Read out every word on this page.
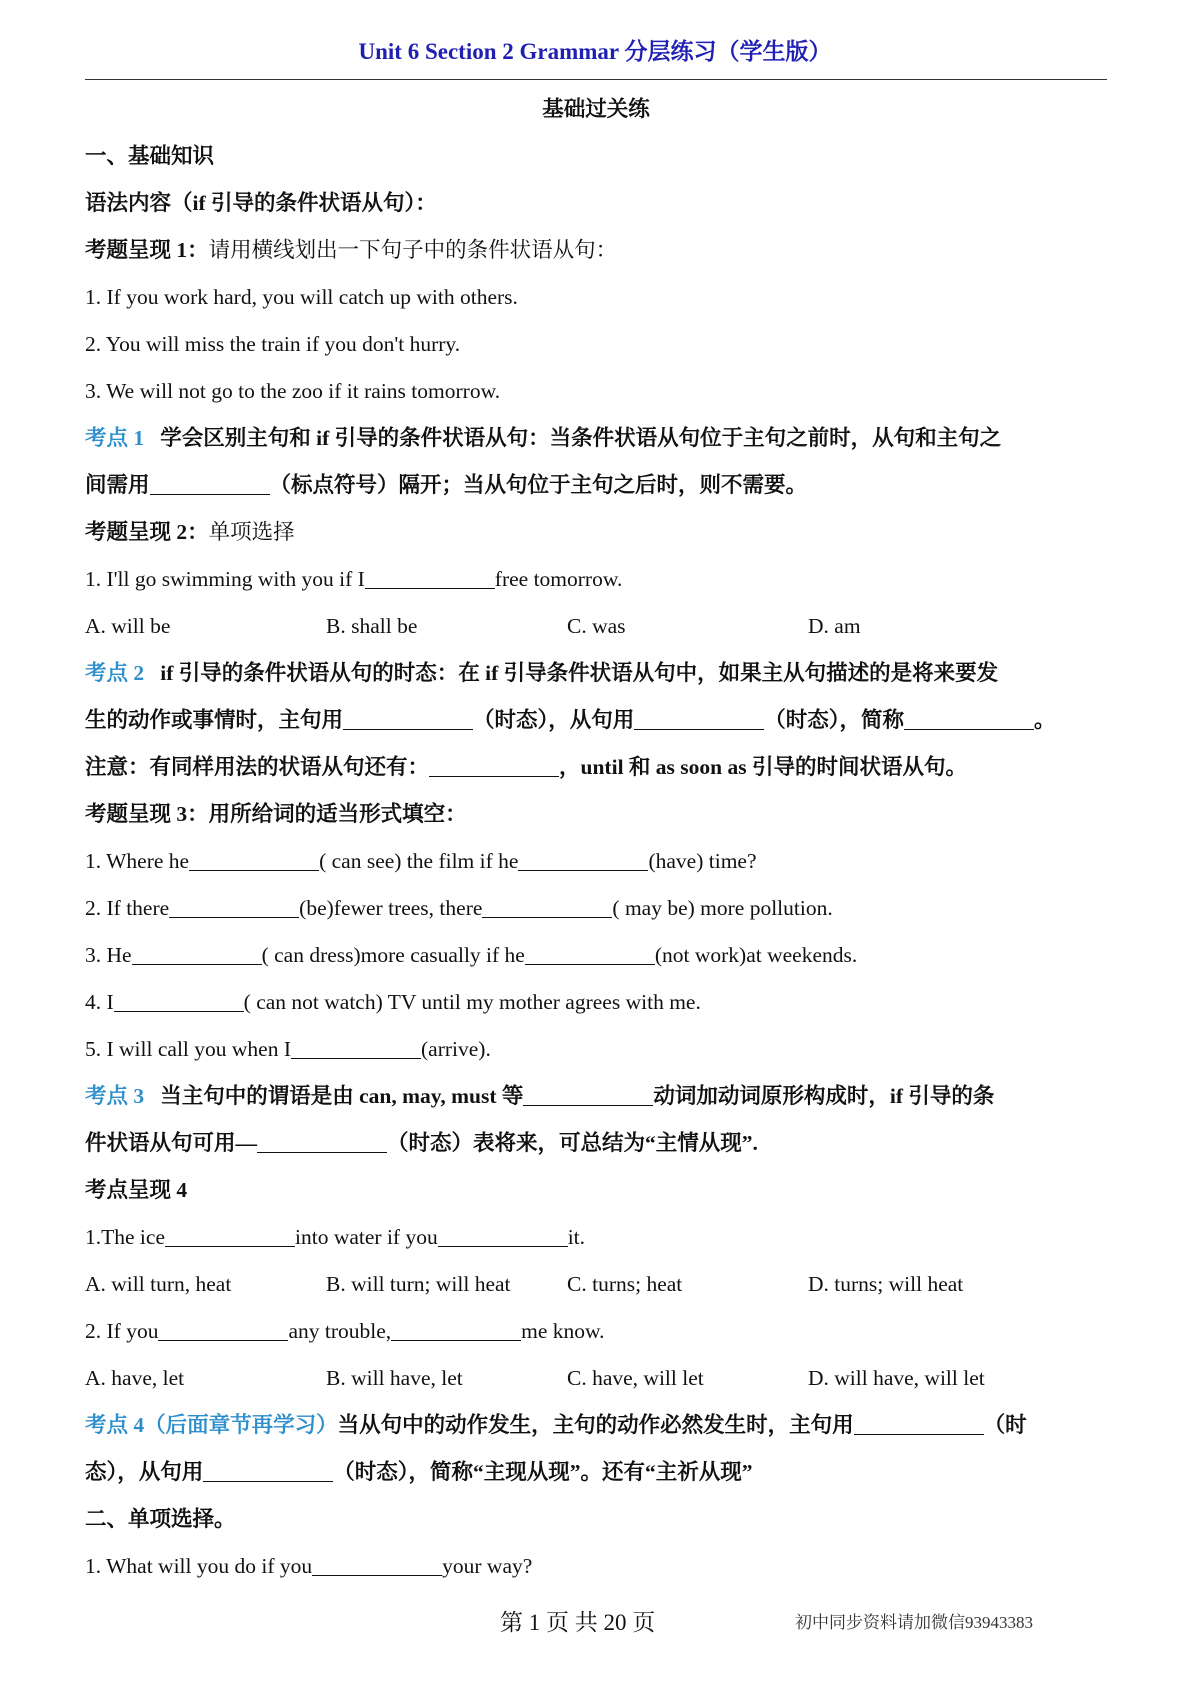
Unit 6 Section 2 Grammar 分层练习（学生版）
基础过关练
一、基础知识
语法内容（if 引导的条件状语从句）：
考题呈现 1：请用横线划出一下句子中的条件状语从句：
1. If you work hard, you will catch up with others.
2. You will miss the train if you don't hurry.
3. We will not go to the zoo if it rains tomorrow.
考点 1 学会区别主句和 if 引导的条件状语从句：当条件状语从句位于主句之前时，从句和主句之
间需用	（标点符号）隔开；当从句位于主句之后时，则不需要。
考题呈现 2：单项选择
1. I'll go swimming with you if I	free tomorrow.
A. will be	B. shall be	C. was	D. am
考点 2 if 引导的条件状语从句的时态：在 if 引导条件状语从句中，如果主从句描述的是将来要发
生的动作或事情时，主句用	（时态），从句用	（时态），简称	。
注意：有同样用法的状语从句还有：	，until 和 as soon as 引导的时间状语从句。
考题呈现 3：用所给词的适当形式填空：
1. Where he	( can see) the film if he	(have) time?
2. If there	(be)fewer trees, there	( may be) more pollution.
3. He	( can dress)more casually if he	(not work)at weekends.
4. I	( can not watch) TV until my mother agrees with me.
5. I will call you when I	(arrive).
考点 3 当主句中的谓语是由 can, may, must 等	动词加动词原形构成时，if 引导的条
件状语从句可用—	（时态）表将来，可总结为“主情从现”.
考点呈现 4
1.The ice	into water if you	it.
A. will turn, heat	B. will turn; will heat	C. turns; heat	D. turns; will heat
2. If you	any trouble,	me know.
A. have, let	B. will have, let	C. have, will let	D. will have, will let
考点 4（后面章节再学习）当从句中的动作发生，主句的动作必然发生时，主句用	（时
态），从句用	（时态），简称“主现从现”。还有“主祈从现”
二、单项选择。
1. What will you do if you	your way?
第 1 页 共 20 页	初中同步资料请加微信93943383
